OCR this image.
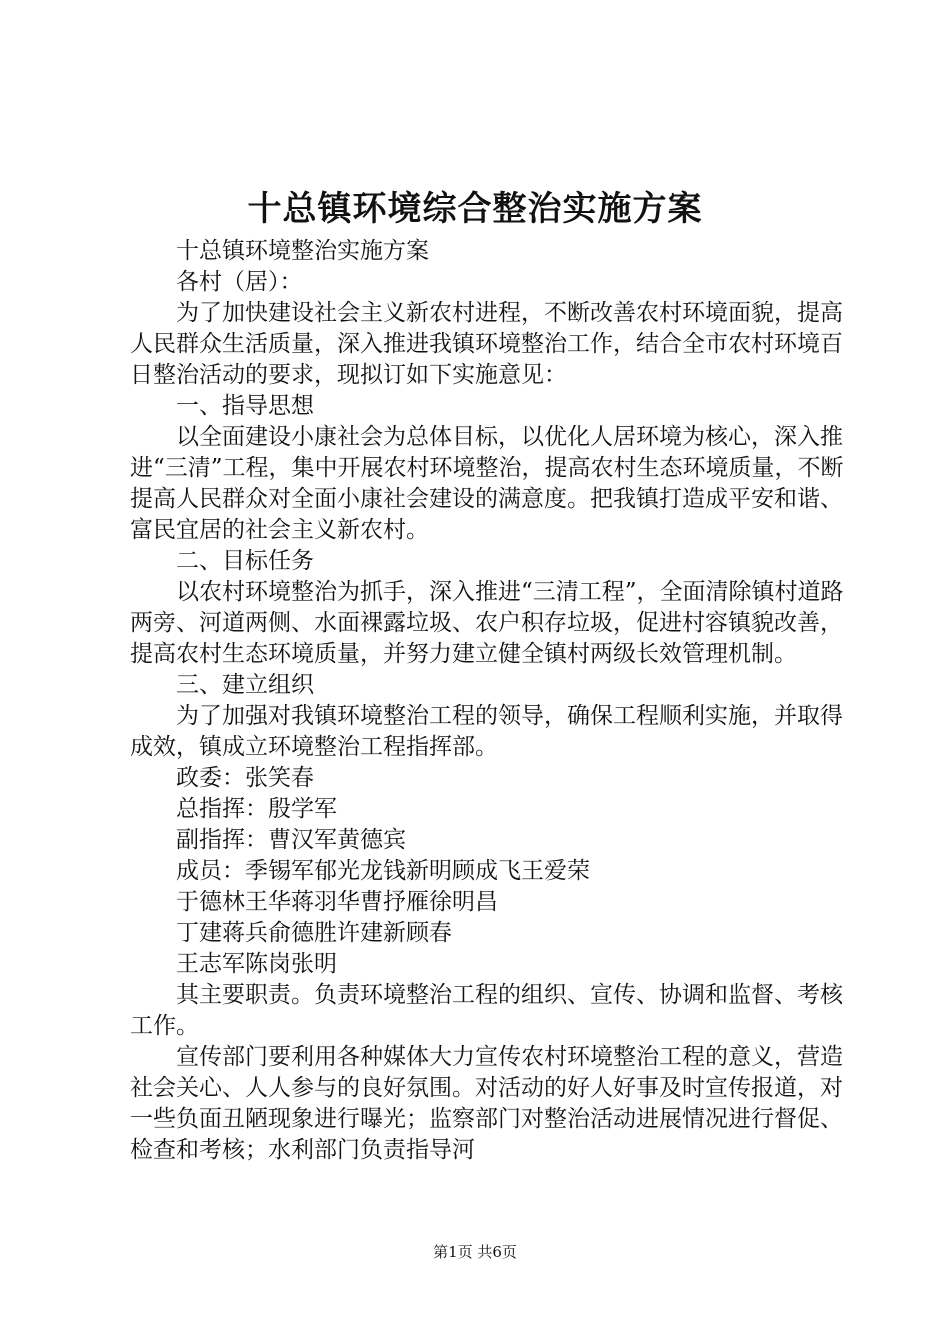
十总镇环境综合整治实施方案

十总镇环境整治实施方案

各村（居）：

为了加快建设社会主义新农村进程，不断改善农村环境面貌，提高人民群众生活质量，深入推进我镇环境整治工作，结合全市农村环境百日整治活动的要求，现拟订如下实施意见：

一、指导思想

以全面建设小康社会为总体目标，以优化人居环境为核心，深入推进“三清”工程，集中开展农村环境整治，提高农村生态环境质量，不断提高人民群众对全面小康社会建设的满意度。把我镇打造成平安和谐、富民宜居的社会主义新农村。

二、目标任务

以农村环境整治为抓手，深入推进“三清工程”，全面清除镇村道路两旁、河道两侧、水面裸露垃圾、农户积存垃圾，促进村容镇貌改善，提高农村生态环境质量，并努力建立健全镇村两级长效管理机制。

三、建立组织

为了加强对我镇环境整治工程的领导，确保工程顺利实施，并取得成效，镇成立环境整治工程指挥部。

政委：张笑春

总指挥：殷学军

副指挥：曹汉军黄德宾

成员：季锡军郁光龙钱新明顾成飞王爱荣

于德林王华蒋羽华曹抒雁徐明昌

丁建蒋兵俞德胜许建新顾春

王志军陈岗张明

其主要职责。负责环境整治工程的组织、宣传、协调和监督、考核工作。

宣传部门要利用各种媒体大力宣传农村环境整治工程的意义，营造社会关心、人人参与的良好氛围。对活动的好人好事及时宣传报道，对一些负面丑陋现象进行曝光；监察部门对整治活动进展情况进行督促、检查和考核；水利部门负责指导河

第1页 共6页
